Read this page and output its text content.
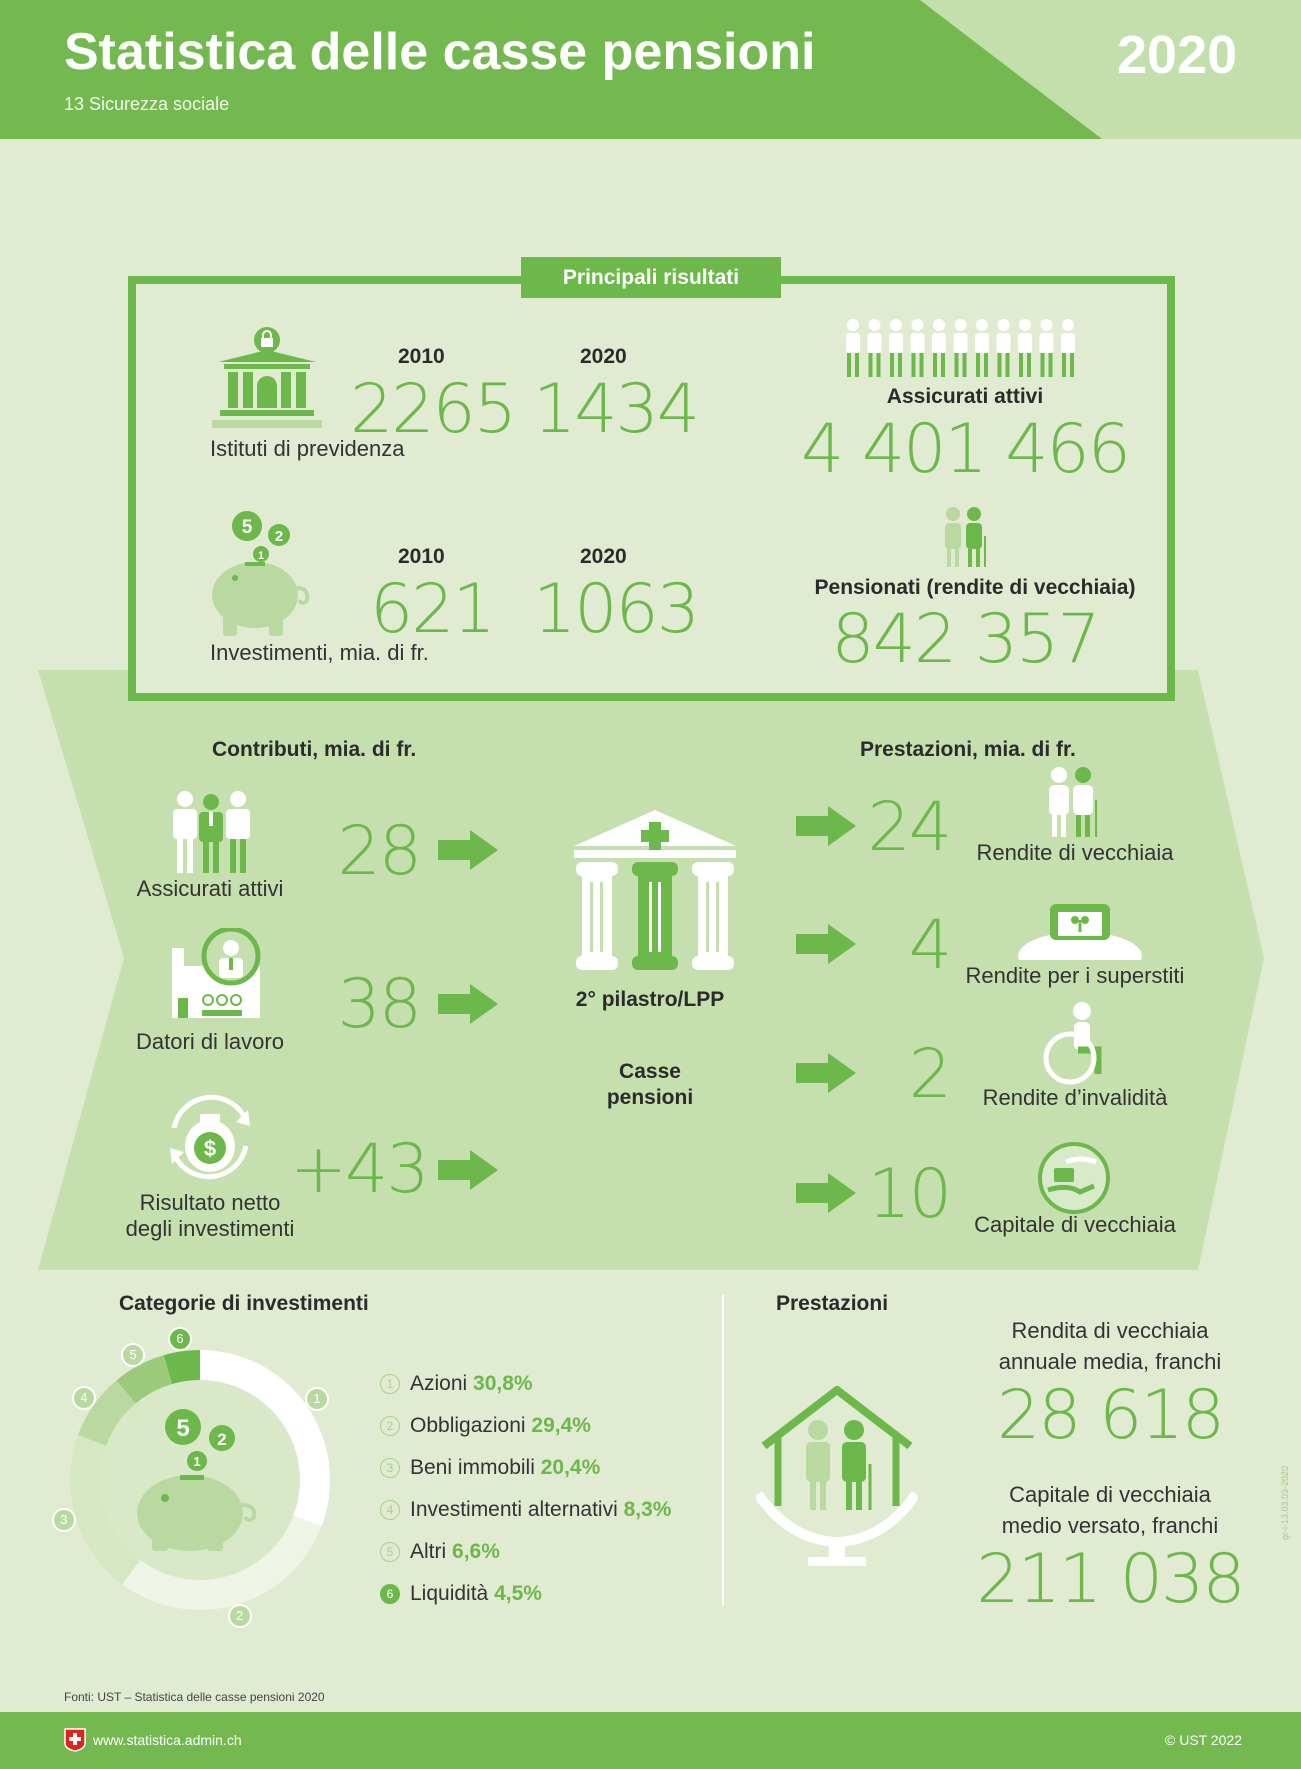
Statistica delle casse pensioni
13 Sicurezza sociale
2020
Principali risultati
2010	2020
2265 1434
Istituti di previdenza
5 2
1	2010	2020
621 1063
Investimenti, mia. di fr.
Assicurati attivi
4 401 466
Pensionati (rendite di vecchiaia)
842 357
Contributi, mia. di fr.	Prestazioni, mia. di fr.
Assicurati attivi 28
Datori di lavoro 38
$
Risultato netto
degli investimenti
+43
2° pilastro/LPP
Casse
pensioni
24
4
2
10
Rendite di vecchiaia
Rendite per i superstiti
Rendite d’invalidità
Capitale di vecchiaia
Categorie di investimenti
5 2
1
1
2
3
4
5
6
1 Azioni 30,8%
2 Obbligazioni 29,4%
3 Beni immobili 20,4%
4 Investimenti alternativi 8,3%
5 Altri 6,6%
6 Liquidità 4,5%
Prestazioni
Rendita di vecchiaia
annuale media, franchi
28 618
Capitale di vecchiaia
medio versato, franchi
211 038
gr-i-13.03.03-2020
Fonti: UST – Statistica delle casse pensioni 2020
www.statistica.admin.ch	© UST 2022
